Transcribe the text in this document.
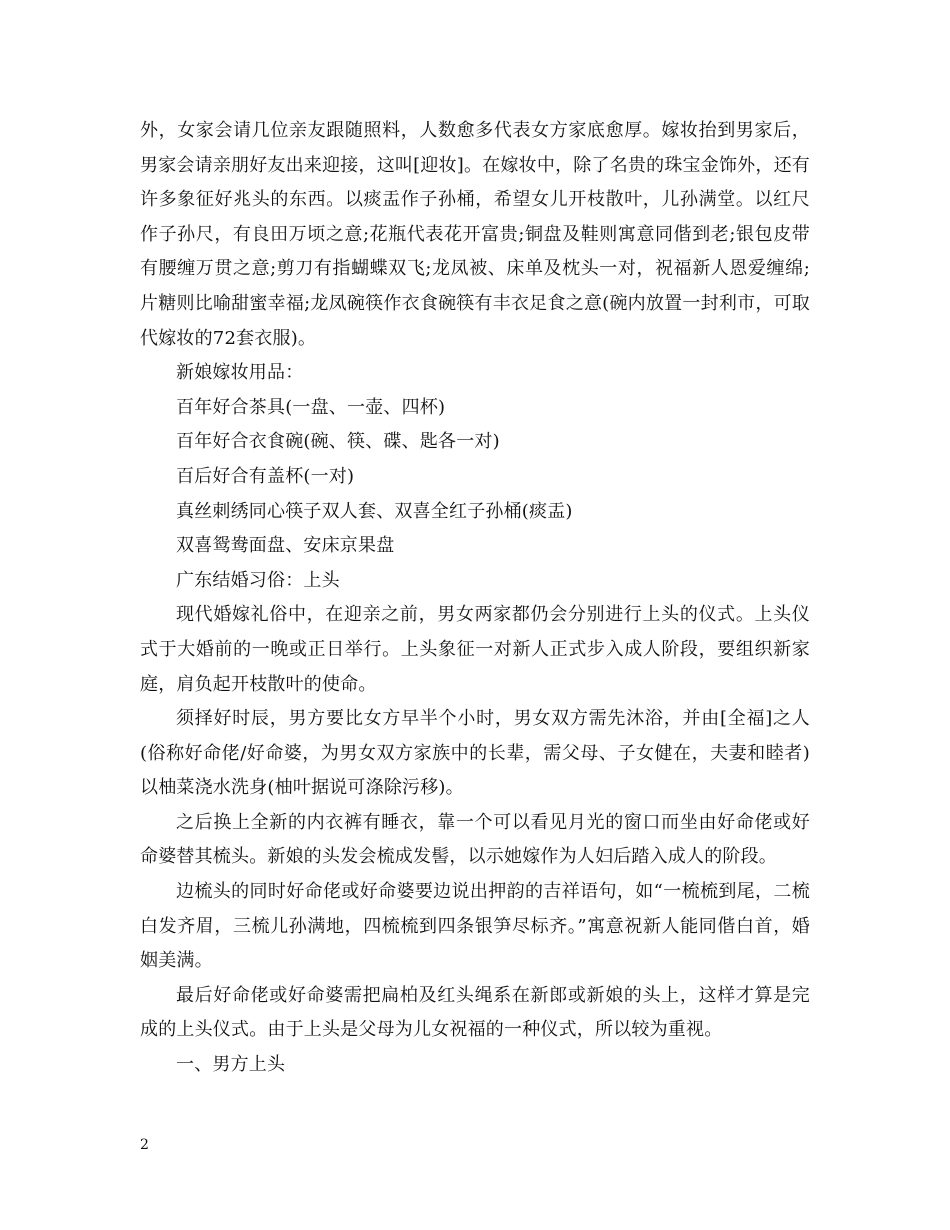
外，女家会请几位亲友跟随照料，人数愈多代表女方家底愈厚。嫁妆抬到男家后，男家会请亲朋好友出来迎接，这叫[迎妆]。在嫁妆中，除了名贵的珠宝金饰外，还有许多象征好兆头的东西。以痰盂作子孙桶，希望女儿开枝散叶，儿孙满堂。以红尺作子孙尺，有良田万顷之意;花瓶代表花开富贵;铜盘及鞋则寓意同偕到老;银包皮带有腰缠万贯之意;剪刀有指蝴蝶双飞;龙凤被、床单及枕头一对，祝福新人恩爱缠绵;片糖则比喻甜蜜幸福;龙凤碗筷作衣食碗筷有丰衣足食之意(碗内放置一封利市，可取代嫁妆的72套衣服)。

新娘嫁妆用品：

百年好合茶具(一盘、一壶、四杯)

百年好合衣食碗(碗、筷、碟、匙各一对)

百后好合有盖杯(一对)

真丝刺绣同心筷子双人套、双喜全红子孙桶(痰盂)

双喜鸳鸯面盘、安床京果盘

广东结婚习俗：上头

现代婚嫁礼俗中，在迎亲之前，男女两家都仍会分别进行上头的仪式。上头仪式于大婚前的一晚或正日举行。上头象征一对新人正式步入成人阶段，要组织新家庭，肩负起开枝散叶的使命。

须择好时辰，男方要比女方早半个小时，男女双方需先沐浴，并由[全福]之人(俗称好命佬/好命婆，为男女双方家族中的长辈，需父母、子女健在，夫妻和睦者)以柚菜浇水洗身(柚叶据说可涤除污移)。

之后换上全新的内衣裤有睡衣，靠一个可以看见月光的窗口而坐由好命佬或好命婆替其梳头。新娘的头发会梳成发髻，以示她嫁作为人妇后踏入成人的阶段。

边梳头的同时好命佬或好命婆要边说出押韵的吉祥语句，如“一梳梳到尾，二梳白发齐眉，三梳儿孙满地，四梳梳到四条银笋尽标齐。”寓意祝新人能同偕白首，婚姻美满。

最后好命佬或好命婆需把扁柏及红头绳系在新郎或新娘的头上，这样才算是完成的上头仪式。由于上头是父母为儿女祝福的一种仪式，所以较为重视。

一、男方上头

2
